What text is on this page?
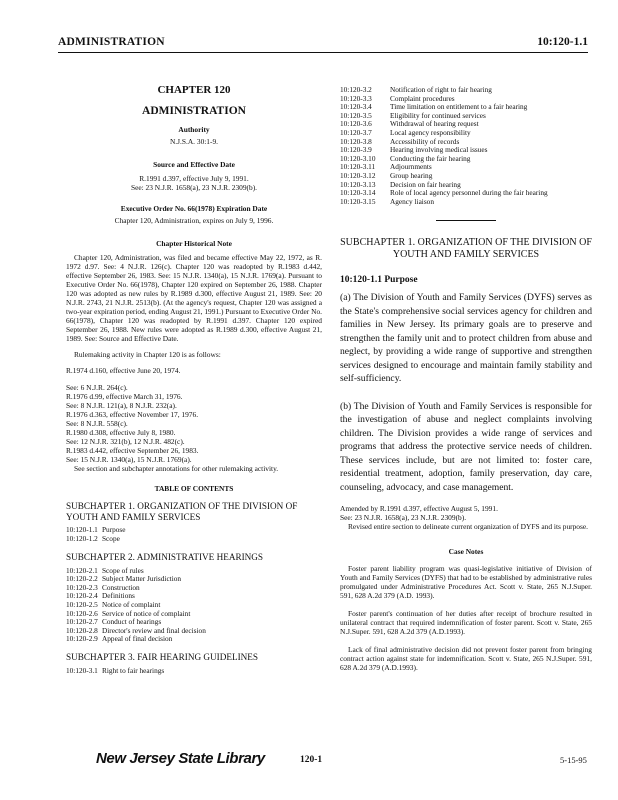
ADMINISTRATION	10:120-1.1
CHAPTER 120
ADMINISTRATION
Authority
N.J.S.A. 30:1-9.
Source and Effective Date
R.1991 d.397, effective July 9, 1991.
See: 23 N.J.R. 1658(a), 23 N.J.R. 2309(b).
Executive Order No. 66(1978) Expiration Date
Chapter 120, Administration, expires on July 9, 1996.
Chapter Historical Note
Chapter 120, Administration, was filed and became effective May 22, 1972, as R. 1972 d.97. See: 4 N.J.R. 126(c). Chapter 120 was readopted by R.1983 d.442, effective September 26, 1983. See: 15 N.J.R. 1340(a), 15 N.J.R. 1769(a). Pursuant to Executive Order No. 66(1978), Chapter 120 expired on September 26, 1988. Chapter 120 was adopted as new rules by R.1989 d.300, effective August 21, 1989. See: 20 N.J.R. 2743, 21 N.J.R. 2513(b). (At the agency's request, Chapter 120 was assigned a two-year expiration period, ending August 21, 1991.) Pursuant to Executive Order No. 66(1978), Chapter 120 was readopted by R.1991 d.397. Chapter 120 expired September 26, 1988. New rules were adopted as R.1989 d.300, effective August 21, 1989. See: Source and Effective Date.
Rulemaking activity in Chapter 120 is as follows:
R.1974 d.160, effective June 20, 1974.
See: 6 N.J.R. 264(c).
R.1976 d.99, effective March 31, 1976.
See: 8 N.J.R. 121(a), 8 N.J.R. 232(a).
R.1976 d.363, effective November 17, 1976.
See: 8 N.J.R. 558(c).
R.1980 d.308, effective July 8, 1980.
See: 12 N.J.R. 321(b), 12 N.J.R. 482(c).
R.1983 d.442, effective September 26, 1983.
See: 15 N.J.R. 1340(a), 15 N.J.R. 1769(a).
See section and subchapter annotations for other rulemaking activity.
TABLE OF CONTENTS
SUBCHAPTER 1. ORGANIZATION OF THE DIVISION OF YOUTH AND FAMILY SERVICES
10:120-1.1 Purpose
10:120-1.2 Scope
SUBCHAPTER 2. ADMINISTRATIVE HEARINGS
10:120-2.1 Scope of rules
10:120-2.2 Subject Matter Jurisdiction
10:120-2.3 Construction
10:120-2.4 Definitions
10:120-2.5 Notice of complaint
10:120-2.6 Service of notice of complaint
10:120-2.7 Conduct of hearings
10:120-2.8 Director's review and final decision
10:120-2.9 Appeal of final decision
SUBCHAPTER 3. FAIR HEARING GUIDELINES
10:120-3.1 Right to fair hearings
10:120-3.2	Notification of right to fair hearing
10:120-3.3	Complaint procedures
10:120-3.4	Time limitation on entitlement to a fair hearing
10:120-3.5	Eligibility for continued services
10:120-3.6	Withdrawal of hearing request
10:120-3.7	Local agency responsibility
10:120-3.8	Accessibility of records
10:120-3.9	Hearing involving medical issues
10:120-3.10	Conducting the fair hearing
10:120-3.11	Adjournments
10:120-3.12	Group hearing
10:120-3.13	Decision on fair hearing
10:120-3.14	Role of local agency personnel during the fair hearing
10:120-3.15	Agency liaison
SUBCHAPTER 1. ORGANIZATION OF THE DIVISION OF YOUTH AND FAMILY SERVICES
10:120-1.1 Purpose
(a) The Division of Youth and Family Services (DYFS) serves as the State's comprehensive social services agency for children and families in New Jersey. Its primary goals are to preserve and strengthen the family unit and to protect children from abuse and neglect, by providing a wide range of supportive and strengthen services designed to encourage and maintain family stability and self-sufficiency.
(b) The Division of Youth and Family Services is responsible for the investigation of abuse and neglect complaints involving children. The Division provides a wide range of services and programs that address the protective service needs of children. These services include, but are not limited to: foster care, residential treatment, adoption, family preservation, day care, counseling, advocacy, and case management.
Amended by R.1991 d.397, effective August 5, 1991.
See: 23 N.J.R. 1658(a), 23 N.J.R. 2309(b).
Revised entire section to delineate current organization of DYFS and its purpose.
Case Notes
Foster parent liability program was quasi-legislative initiative of Division of Youth and Family Services (DYFS) that had to be established by administrative rules promulgated under Administrative Procedures Act. Scott v. State, 265 N.J.Super. 591, 628 A.2d 379 (A.D. 1993).
Foster parent's continuation of her duties after receipt of brochure resulted in unilateral contract that required indemnification of foster parent. Scott v. State, 265 N.J.Super. 591, 628 A.2d 379 (A.D.1993).
Lack of final administrative decision did not prevent foster parent from bringing contract action against state for indemnification. Scott v. State, 265 N.J.Super. 591, 628 A.2d 379 (A.D.1993).
New Jersey State Library	120-1	5-15-95
